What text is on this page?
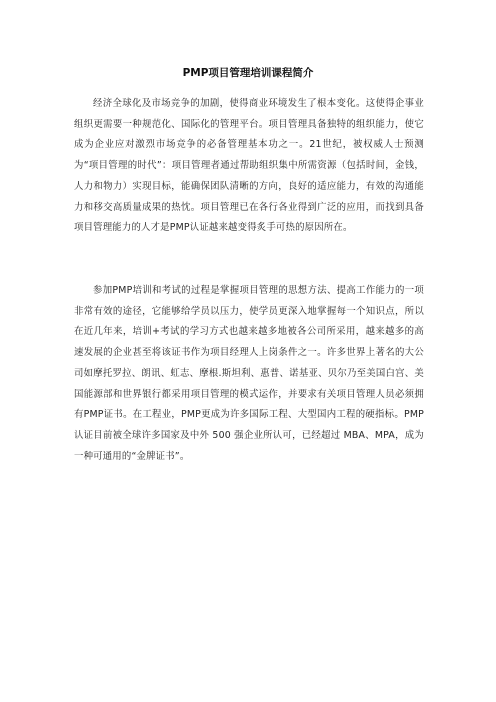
PMP项目管理培训课程简介

经济全球化及市场竞争的加剧，使得商业环境发生了根本变化。这使得企事业组织更需要一种规范化、国际化的管理平台。项目管理具备独特的组织能力，使它成为企业应对激烈市场竞争的必备管理基本功之一。21世纪，被权威人士预测为“项目管理的时代”：项目管理者通过帮助组织集中所需资源（包括时间，金钱，人力和物力）实现目标，能确保团队清晰的方向，良好的适应能力，有效的沟通能力和移交高质量成果的热忱。项目管理已在各行各业得到广泛的应用，而找到具备项目管理能力的人才是PMP认证越来越变得炙手可热的原因所在。

参加PMP培训和考试的过程是掌握项目管理的思想方法、提高工作能力的一项非常有效的途径，它能够给学员以压力，使学员更深入地掌握每一个知识点，所以在近几年来，培训+考试的学习方式也越来越多地被各公司所采用，越来越多的高速发展的企业甚至将该证书作为项目经理人上岗条件之一。许多世界上著名的大公司如摩托罗拉、朗讯、虹志、摩根.斯坦利、惠普、诺基亚、贝尔乃至美国白宫、美国能源部和世界银行都采用项目管理的模式运作，并要求有关项目管理人员必须拥有PMP证书。在工程业，PMP更成为许多国际工程、大型国内工程的硬指标。PMP认证目前被全球许多国家及中外 500 强企业所认可，已经超过 MBA、MPA，成为一种可通用的“金牌证书”。
